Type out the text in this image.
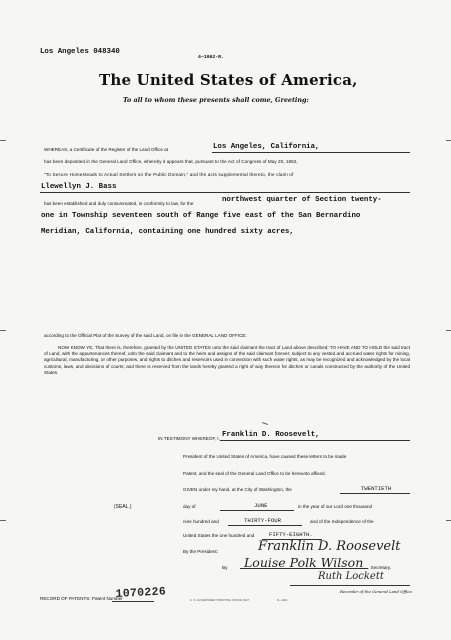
Los Angeles 048340
4—1062-R.
The United States of America,
To all to whom these presents shall come, Greeting:
WHEREAS, a Certificate of the Register of the Land Office at	Los Angeles, California,
has been deposited in the General Land Office, whereby it appears that, pursuant to the Act of Congress of May 20, 1862,
"To Secure Homesteads to Actual Settlers on the Public Domain," and the acts supplemental thereto, the claim of
Llewellyn J. Bass
has been established and duly consummated, in conformity to law, for the	northwest quarter of Section twenty-
one in Township seventeen south of Range five east of the San Bernardino
Meridian, California, containing one hundred sixty acres,
according to the Official Plat of the Survey of the said Land, on file in the GENERAL LAND OFFICE:
NOW KNOW YE, That there is, therefore, granted by the UNITED STATES unto the said claimant the tract of Land above described; TO HAVE AND TO HOLD the said tract of Land, with the appurtenances thereof, unto the said claimant and to the heirs and assigns of the said claimant forever; subject to any vested and accrued water rights for mining, agricultural, manufacturing, or other purposes, and rights to ditches and reservoirs used in connection with such water rights, as may be recognized and acknowledged by the local customs, laws, and decisions of courts; and there is reserved from the lands hereby granted a right of way thereon for ditches or canals constructed by the authority of the United States.
IN TESTIMONY WHEREOF, I, Franklin D. Roosevelt,
President of the United States of America, have caused these letters to be made
Patent, and the seal of the General Land Office to be hereunto affixed.
GIVEN under my hand, at the City of Washington, the	TWENTIETH
(SEAL.)	day of	JUNE	in the year of our Lord one thousand
nine hundred and	THIRTY-FOUR	and of the Independence of the
United States the one hundred and	FIFTY-EIGHTH.
By the President:	Franklin D. Roosevelt
By Louise Polk Wilson , Secretary.
Ruth Lockett
Recorder of the General Land Office.
RECORD OF PATENTS: Patent Number
1070226	U. S. GOVERNMENT PRINTING OFFICE 1927	8—1921
